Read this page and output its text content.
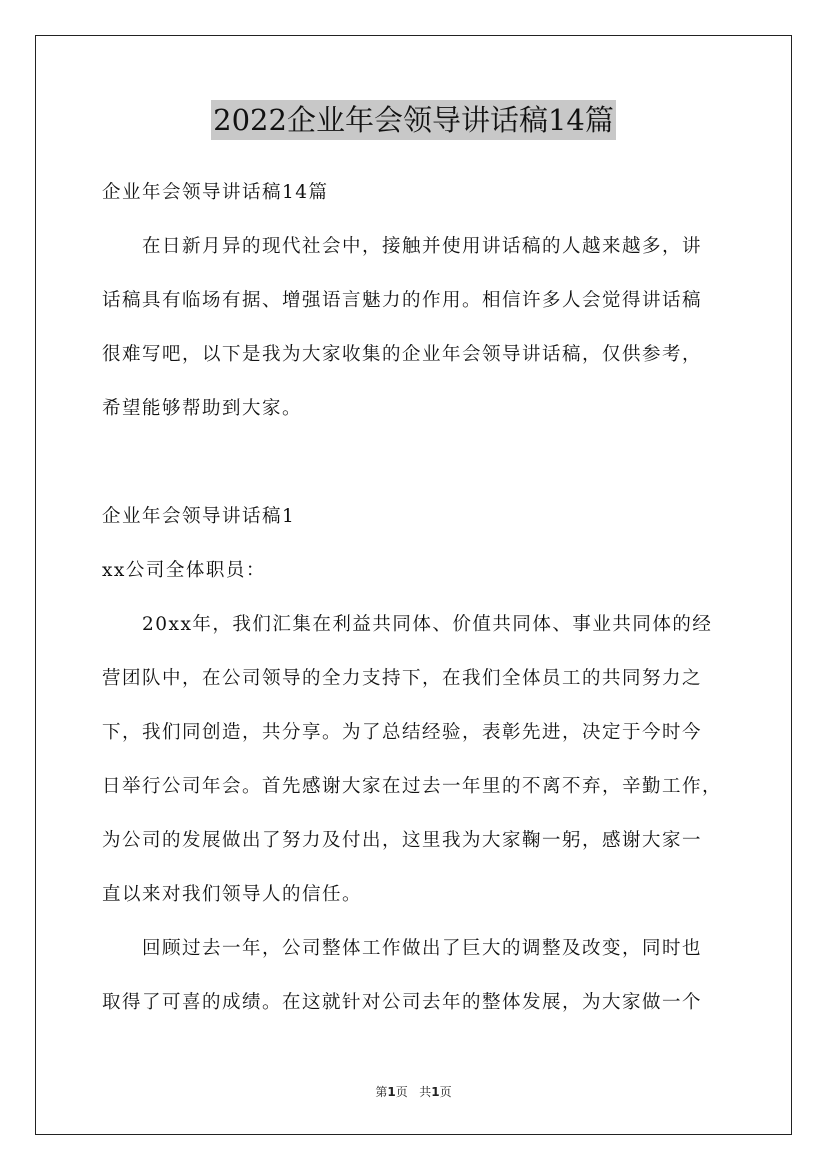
2022企业年会领导讲话稿14篇
企业年会领导讲话稿14篇
在日新月异的现代社会中，接触并使用讲话稿的人越来越多，讲
话稿具有临场有据、增强语言魅力的作用。相信许多人会觉得讲话稿
很难写吧，以下是我为大家收集的企业年会领导讲话稿，仅供参考，
希望能够帮助到大家。
企业年会领导讲话稿1
xx公司全体职员：
20xx年，我们汇集在利益共同体、价值共同体、事业共同体的经
营团队中，在公司领导的全力支持下，在我们全体员工的共同努力之
下，我们同创造，共分享。为了总结经验，表彰先进，决定于今时今
日举行公司年会。首先感谢大家在过去一年里的不离不弃，辛勤工作，
为公司的发展做出了努力及付出，这里我为大家鞠一躬，感谢大家一
直以来对我们领导人的信任。
回顾过去一年，公司整体工作做出了巨大的调整及改变，同时也
取得了可喜的成绩。在这就针对公司去年的整体发展，为大家做一个
第1页 共1页
